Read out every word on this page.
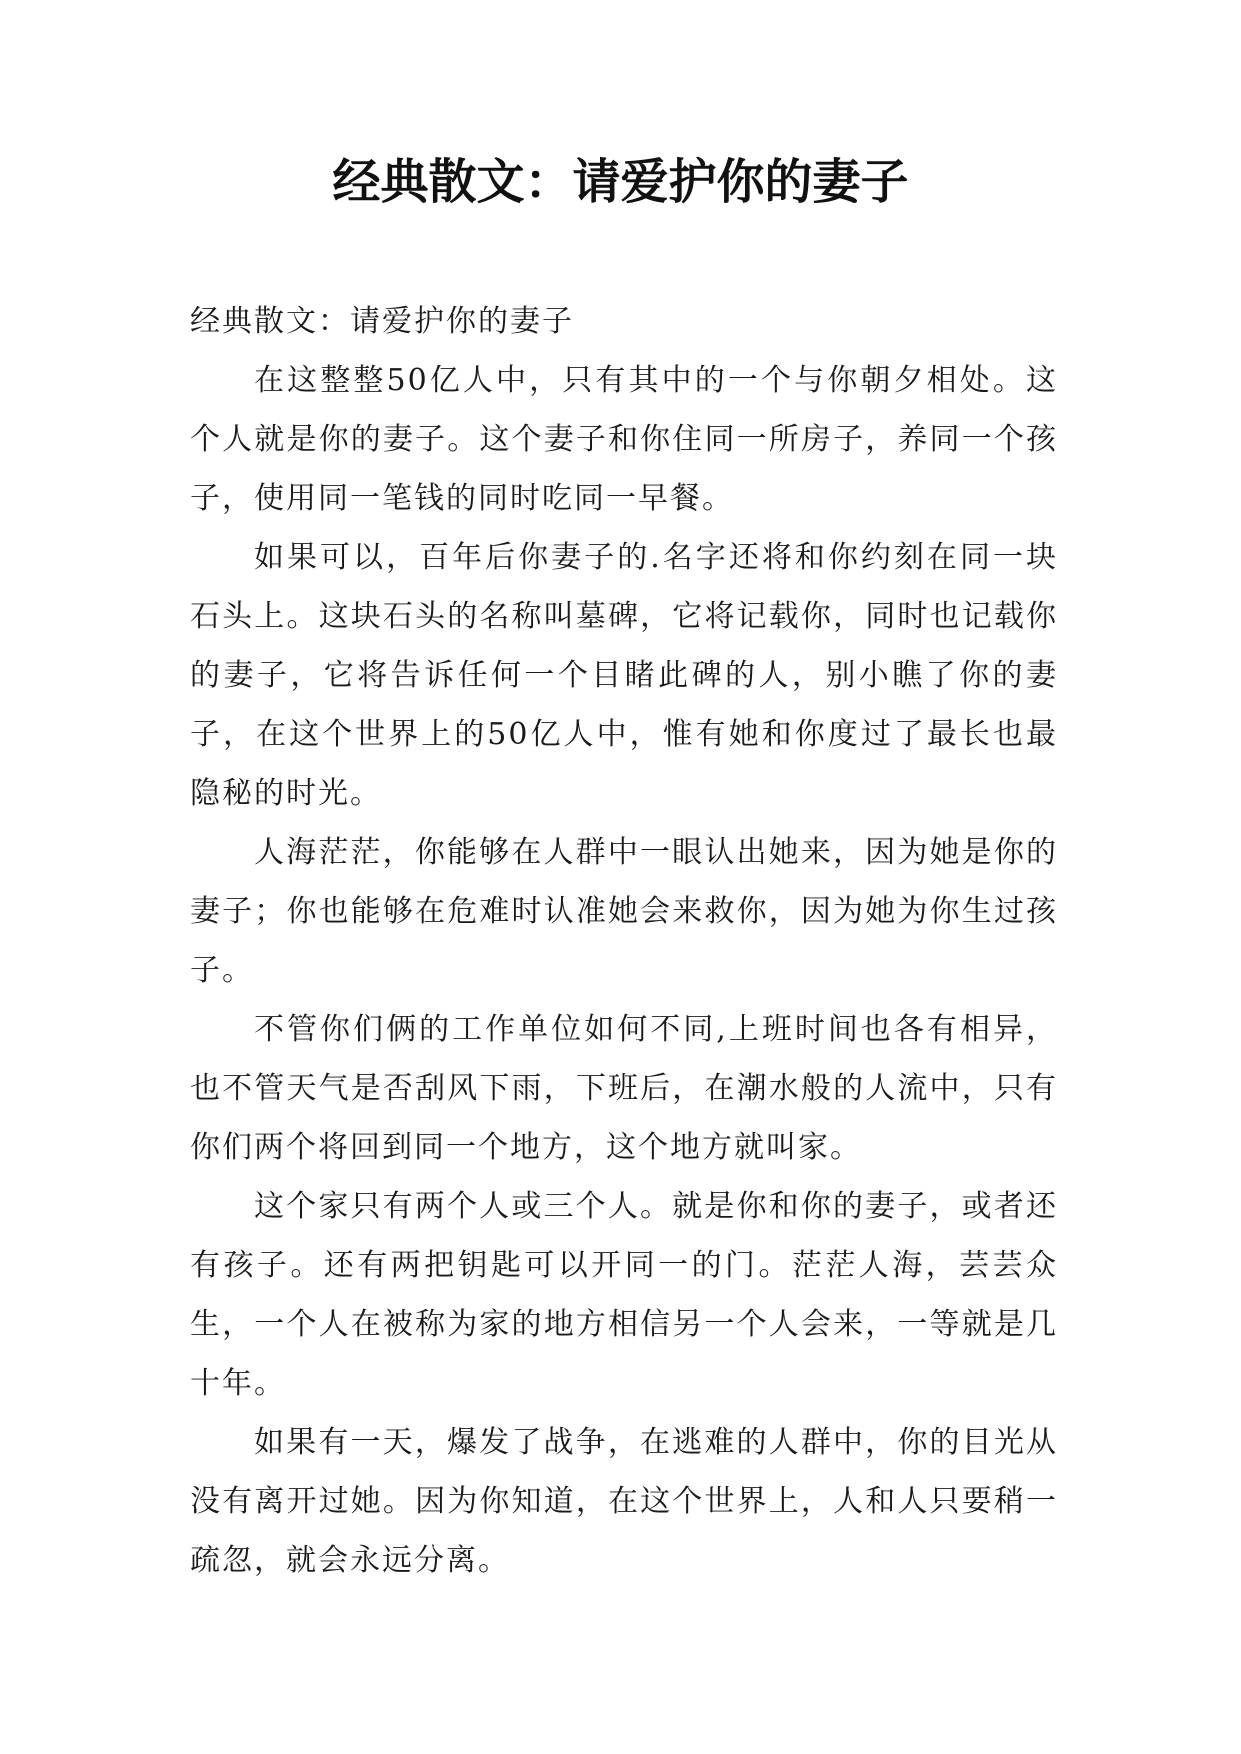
经典散文：请爱护你的妻子

经典散文：请爱护你的妻子

在这整整50亿人中，只有其中的一个与你朝夕相处。这个人就是你的妻子。这个妻子和你住同一所房子，养同一个孩子，使用同一笔钱的同时吃同一早餐。

如果可以，百年后你妻子的.名字还将和你约刻在同一块石头上。这块石头的名称叫墓碑，它将记载你，同时也记载你的妻子，它将告诉任何一个目睹此碑的人，别小瞧了你的妻子，在这个世界上的50亿人中，惟有她和你度过了最长也最隐秘的时光。

人海茫茫，你能够在人群中一眼认出她来，因为她是你的妻子；你也能够在危难时认准她会来救你，因为她为你生过孩子。

不管你们俩的工作单位如何不同,上班时间也各有相异，也不管天气是否刮风下雨，下班后，在潮水般的人流中，只有你们两个将回到同一个地方，这个地方就叫家。

这个家只有两个人或三个人。就是你和你的妻子，或者还有孩子。还有两把钥匙可以开同一的门。茫茫人海，芸芸众生，一个人在被称为家的地方相信另一个人会来，一等就是几十年。

如果有一天，爆发了战争，在逃难的人群中，你的目光从没有离开过她。因为你知道，在这个世界上，人和人只要稍一疏忽，就会永远分离。
